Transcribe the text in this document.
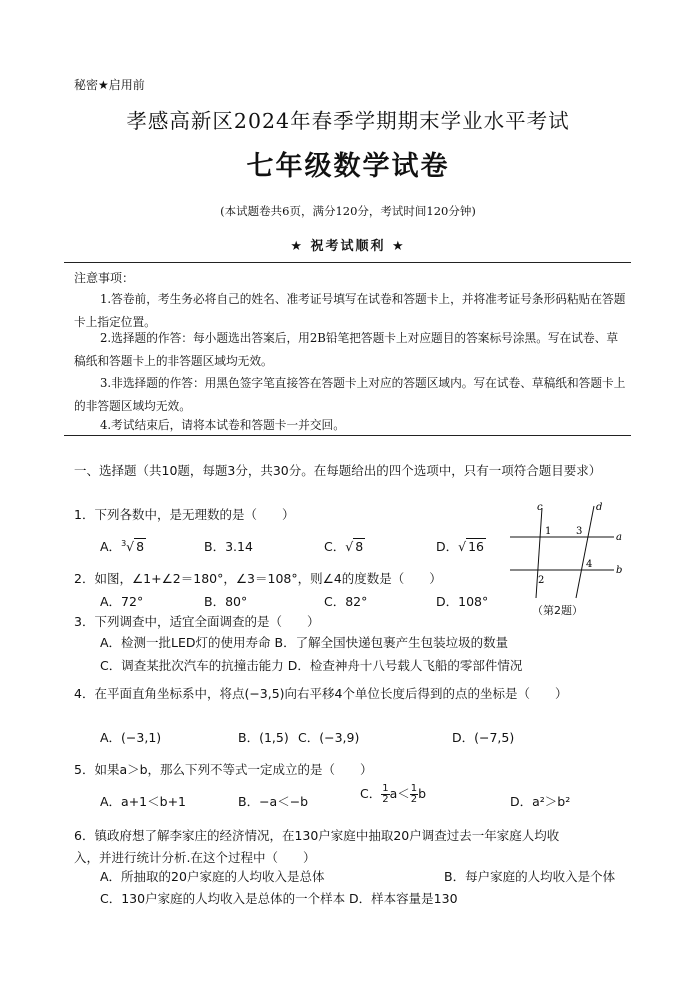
秘密★启用前
孝感高新区2024年春季学期期末学业水平考试
七年级数学试卷
(本试题卷共6页，满分120分，考试时间120分钟)
★ 祝考试顺利 ★
注意事项：
1.答卷前，考生务必将自己的姓名、准考证号填写在试卷和答题卡上，并将准考证号条形码粘贴在答题卡上指定位置。
2.选择题的作答：每小题选出答案后，用2B铅笔把答题卡上对应题目的答案标号涂黑。写在试卷、草稿纸和答题卡上的非答题区域均无效。
3.非选择题的作答：用黑色签字笔直接答在答题卡上对应的答题区域内。写在试卷、草稿纸和答题卡上的非答题区域均无效。
4.考试结束后，请将本试卷和答题卡一并交回。
一、选择题（共10题，每题3分，共30分。在每题给出的四个选项中，只有一项符合题目要求）
1．下列各数中，是无理数的是（　　）
A．$^3$√ 8	B．3.14	C．√ 8	D．√ 16
2．如图，∠1+∠2＝180°，∠3＝108°，则∠4的度数是（　　）
A．72°	B．80°	C．82°	D．108°
c	d
a
b
1
2
3
4
（第2题）
3．下列调查中，适宜全面调查的是（　　）
A．检测一批LED灯的使用寿命 B．了解全国快递包裹产生包装垃圾的数量
C．调查某批次汽车的抗撞击能力 D．检查神舟十八号载人飞船的零部件情况
4．在平面直角坐标系中，将点(−3,5)向右平移4个单位长度后得到的点的坐标是（　　）
A．(−3,1)	B．(1,5) C．(−3,9)	D．(−7,5)
5．如果a＞b，那么下列不等式一定成立的是（　　）
A．a+1＜b+1	B．−a＜−b
C． $\frac{1}{2} a< \frac{1}{2}$ b
D．a²＞b²
6．镇政府想了解李家庄的经济情况，在130户家庭中抽取20户调查过去一年家庭人均收
入，并进行统计分析.在这个过程中（　　）
A．所抽取的20户家庭的人均收入是总体	B．每户家庭的人均收入是个体
C．130户家庭的人均收入是总体的一个样本 D．样本容量是130
